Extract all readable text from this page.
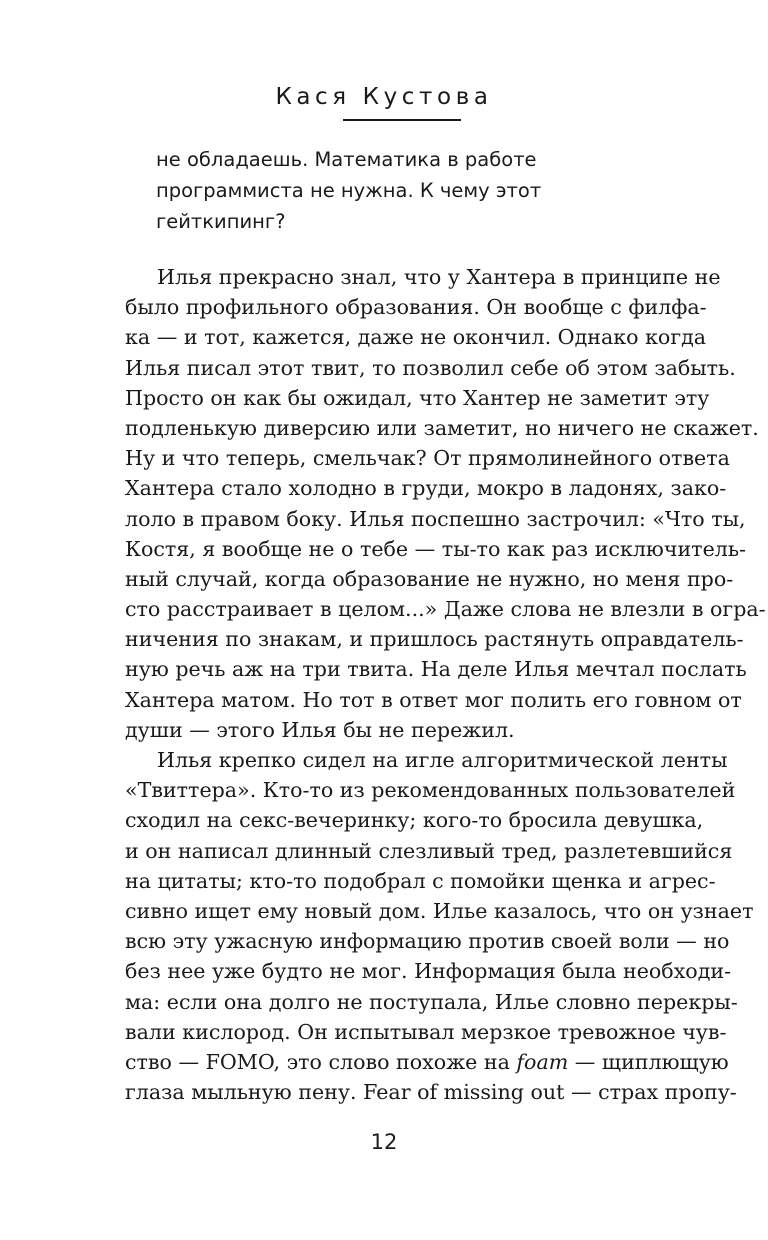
Кася Кустова
не обладаешь. Математика в работе
программиста не нужна. К чему этот
гейткипинг?
Илья прекрасно знал, что у Хантера в принципе не
было профильного образования. Он вообще с филфа-
ка — и тот, кажется, даже не окончил. Однако когда
Илья писал этот твит, то позволил себе об этом забыть.
Просто он как бы ожидал, что Хантер не заметит эту
подленькую диверсию или заметит, но ничего не скажет.
Ну и что теперь, смельчак? От прямолинейного ответа
Хантера стало холодно в груди, мокро в ладонях, зако-
лоло в правом боку. Илья поспешно застрочил: «Что ты,
Костя, я вообще не о тебе — ты-то как раз исключитель-
ный случай, когда образование не нужно, но меня про-
сто расстраивает в целом...» Даже слова не влезли в огра-
ничения по знакам, и пришлось растянуть оправдатель-
ную речь аж на три твита. На деле Илья мечтал послать
Хантера матом. Но тот в ответ мог полить его говном от
души — этого Илья бы не пережил.
Илья крепко сидел на игле алгоритмической ленты
«Твиттера». Кто-то из рекомендованных пользователей
сходил на секс-вечеринку; кого-то бросила девушка,
и он написал длинный слезливый тред, разлетевшийся
на цитаты; кто-то подобрал с помойки щенка и агрес-
сивно ищет ему новый дом. Илье казалось, что он узнает
всю эту ужасную информацию против своей воли — но
без нее уже будто не мог. Информация была необходи-
ма: если она долго не поступала, Илье словно перекры-
вали кислород. Он испытывал мерзкое тревожное чув-
ство — FOMO, это слово похоже на foam — щиплющую
глаза мыльную пену. Fear of missing out — страх пропу-
12
